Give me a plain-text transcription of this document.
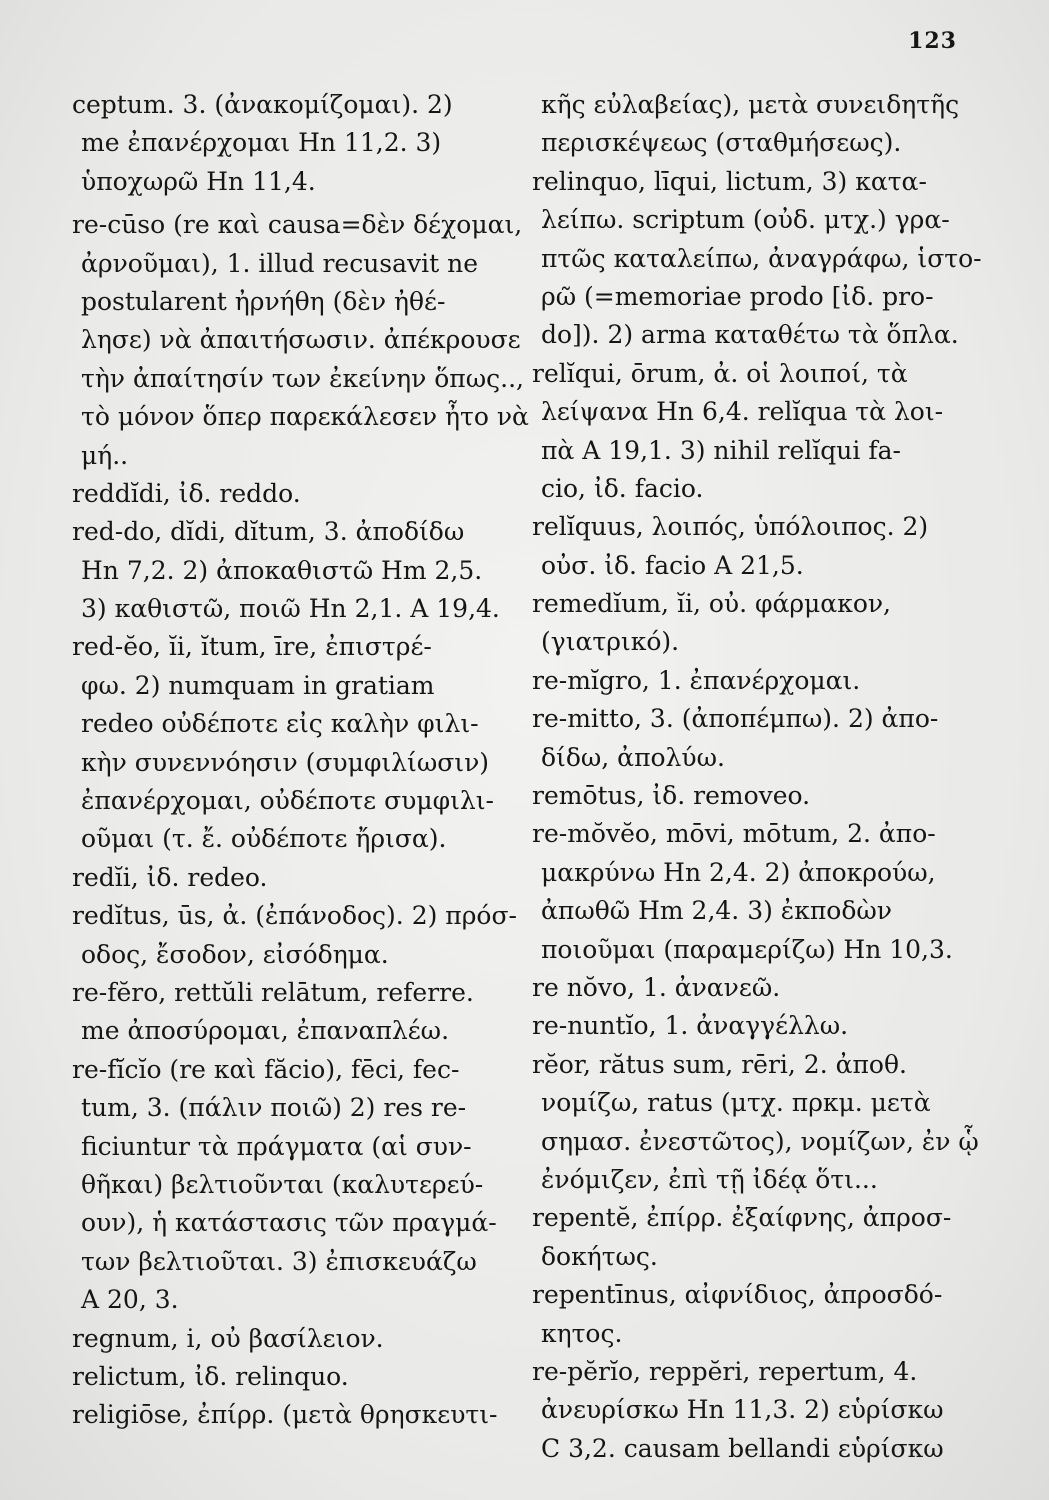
123
ceptum. 3. (ἀνακομίζομαι). 2)
me ἐπανέρχομαι Hn 11,2. 3)
ὑποχωρῶ Hn 11,4.
re-cūso (re καὶ causa=δὲν δέχομαι,
ἀρνοῦμαι), 1. illud recusavit ne
postularent ἠρνήθη (δὲν ἠθέ-
λησε) νὰ ἀπαιτήσωσιν. ἀπέκρουσε
τὴν ἀπαίτησίν των ἐκείνην ὅπως..,
τὸ μόνον ὅπερ παρεκάλεσεν ἦτο νὰ
μή..
reddĭdi, ἰδ. reddo.
red-do, dĭdi, dĭtum, 3. ἀποδίδω
Hn 7,2. 2) ἀποκαθιστῶ Hm 2,5.
3) καθιστῶ, ποιῶ Hn 2,1. A 19,4.
red-ĕo, ĭi, ĭtum, īre, ἐπιστρέ-
φω. 2) numquam in gratiam
redeo οὐδέποτε εἰς καλὴν φιλι-
κὴν συνεννόησιν (συμφιλίωσιν)
ἐπανέρχομαι, οὐδέποτε συμφιλι-
οῦμαι (τ. ἔ. οὐδέποτε ἤρισα).
redĭi, ἰδ. redeo.
redĭtus, ūs, ἀ. (ἐπάνοδος). 2) πρόσ-
οδος, ἔσοδον, εἰσόδημα.
re-fĕro, rettŭli relātum, referre.
me ἀποσύρομαι, ἐπαναπλέω.
re-fĭcĭo (re καὶ făcio), fēci, fec-
tum, 3. (πάλιν ποιῶ) 2) res re-
ficiuntur τὰ πράγματα (αἱ συν-
θῆκαι) βελτιοῦνται (καλυτερεύ-
ουν), ἡ κατάστασις τῶν πραγμά-
των βελτιοῦται. 3) ἐπισκευάζω
A 20, 3.
regnum, i, οὐ βασίλειον.
relictum, ἰδ. relinquo.
religiōse, ἐπίρρ. (μετὰ θρησκευτι-
κῆς εὐλαβείας), μετὰ συνειδητῆς
περισκέψεως (σταθμήσεως).
relinquo, līqui, lictum, 3) κατα-
λείπω. scriptum (οὐδ. μτχ.) γρα-
πτῶς καταλείπω, ἀναγράφω, ἱστο-
ρῶ (=memoriae prodo [ἰδ. pro-
do]). 2) arma καταθέτω τὰ ὅπλα.
relĭqui, ōrum, ἀ. οἱ λοιποί, τὰ
λείψανα Hn 6,4. relĭqua τὰ λοι-
πὰ A 19,1. 3) nihil relĭqui fa-
cio, ἰδ. facio.
relĭquus, λοιπός, ὑπόλοιπος. 2)
οὐσ. ἰδ. facio A 21,5.
remedĭum, ĭi, οὐ. φάρμακον,
(γιατρικό).
re-mĭgro, 1. ἐπανέρχομαι.
re-mitto, 3. (ἀποπέμπω). 2) ἀπο-
δίδω, ἀπολύω.
remōtus, ἰδ. removeo.
re-mŏvĕo, mōvi, mōtum, 2. ἀπο-
μακρύνω Hn 2,4. 2) ἀποκρούω,
ἀπωθῶ Hm 2,4. 3) ἐκποδὼν
ποιοῦμαι (παραμερίζω) Hn 10,3.
re nŏvo, 1. ἀνανεῶ.
re-nuntĭo, 1. ἀναγγέλλω.
rĕor, rătus sum, rēri, 2. ἀποθ.
νομίζω, ratus (μτχ. πρκμ. μετὰ
σημασ. ἐνεστῶτος), νομίζων, ἐν ᾧ
ἐνόμιζεν, ἐπὶ τῇ ἰδέᾳ ὅτι...
repentĕ, ἐπίρρ. ἐξαίφνης, ἀπροσ-
δοκήτως.
repentīnus, αἰφνίδιος, ἀπροσδό-
κητος.
re-pĕrĭo, reppĕri, repertum, 4.
ἀνευρίσκω Hn 11,3. 2) εὑρίσκω
C 3,2. causam bellandi εὑρίσκω
